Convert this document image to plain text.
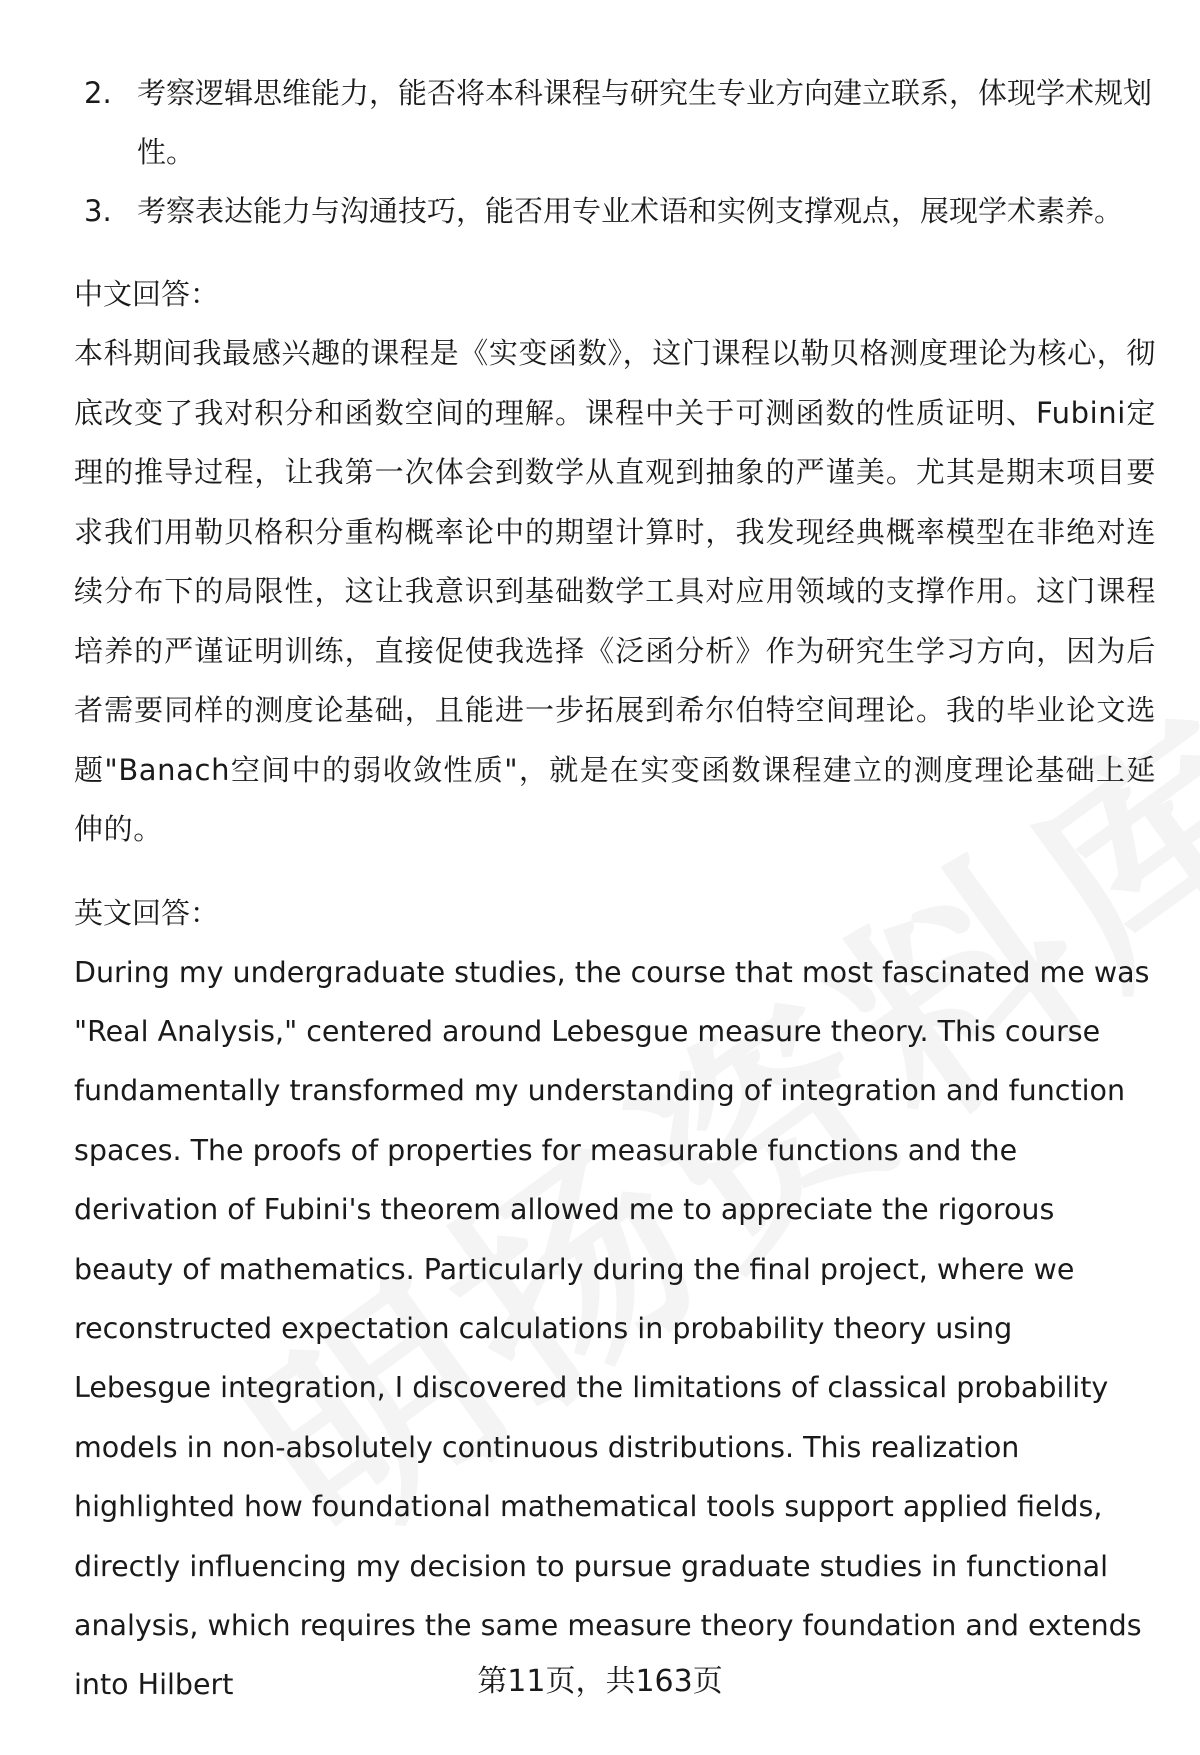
2. 考察逻辑思维能力，能否将本科课程与研究生专业方向建立联系，体现学术规划性。
3. 考察表达能力与沟通技巧，能否用专业术语和实例支撑观点，展现学术素养。
中文回答：
本科期间我最感兴趣的课程是《实变函数》，这门课程以勒贝格测度理论为核心，彻底改变了我对积分和函数空间的理解。课程中关于可测函数的性质证明、Fubini定理的推导过程，让我第一次体会到数学从直观到抽象的严谨美。尤其是期末项目要求我们用勒贝格积分重构概率论中的期望计算时，我发现经典概率模型在非绝对连续分布下的局限性，这让我意识到基础数学工具对应用领域的支撑作用。这门课程培养的严谨证明训练，直接促使我选择《泛函分析》作为研究生学习方向，因为后者需要同样的测度论基础，且能进一步拓展到希尔伯特空间理论。我的毕业论文选题"Banach空间中的弱收敛性质"，就是在实变函数课程建立的测度理论基础上延伸的。
英文回答：
During my undergraduate studies, the course that most fascinated me was "Real Analysis," centered around Lebesgue measure theory. This course fundamentally transformed my understanding of integration and function spaces. The proofs of properties for measurable functions and the derivation of Fubini's theorem allowed me to appreciate the rigorous beauty of mathematics. Particularly during the final project, where we reconstructed expectation calculations in probability theory using Lebesgue integration, I discovered the limitations of classical probability models in non-absolutely continuous distributions. This realization highlighted how foundational mathematical tools support applied fields, directly influencing my decision to pursue graduate studies in functional analysis, which requires the same measure theory foundation and extends into Hilbert	第11页，共163页
